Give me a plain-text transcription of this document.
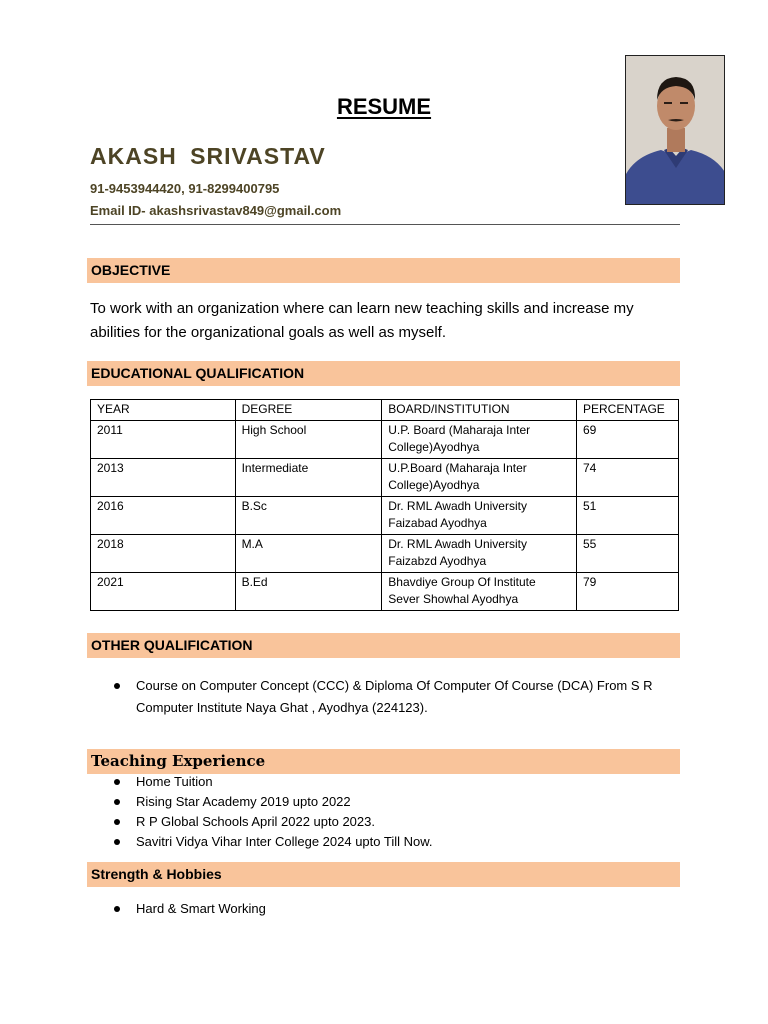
RESUME
AKASH SRIVASTAV
91-9453944420, 91-8299400795
Email ID- akashsrivastav849@gmail.com
OBJECTIVE
To work with an organization where can learn new teaching skills and increase my abilities for the organizational goals as well as myself.
EDUCATIONAL QUALIFICATION
YEAR	DEGREE	BOARD/INSTITUTION	PERCENTAGE
2011	High School	U.P. Board (Maharaja Inter College)Ayodhya	69
2013	Intermediate	U.P.Board (Maharaja Inter College)Ayodhya	74
2016	B.Sc	Dr. RML Awadh University Faizabad Ayodhya	51
2018	M.A	Dr. RML Awadh University Faizabzd Ayodhya	55
2021	B.Ed	Bhavdiye Group Of Institute Sever Showhal Ayodhya	79
OTHER QUALIFICATION
Course on Computer Concept (CCC) & Diploma Of Computer Of Course (DCA) From S R Computer Institute Naya Ghat , Ayodhya (224123).
Teaching Experience
Home Tuition
Rising Star Academy 2019 upto 2022
R P Global Schools April 2022 upto 2023.
Savitri Vidya Vihar Inter College 2024 upto Till Now.
Strength & Hobbies
Hard & Smart Working
